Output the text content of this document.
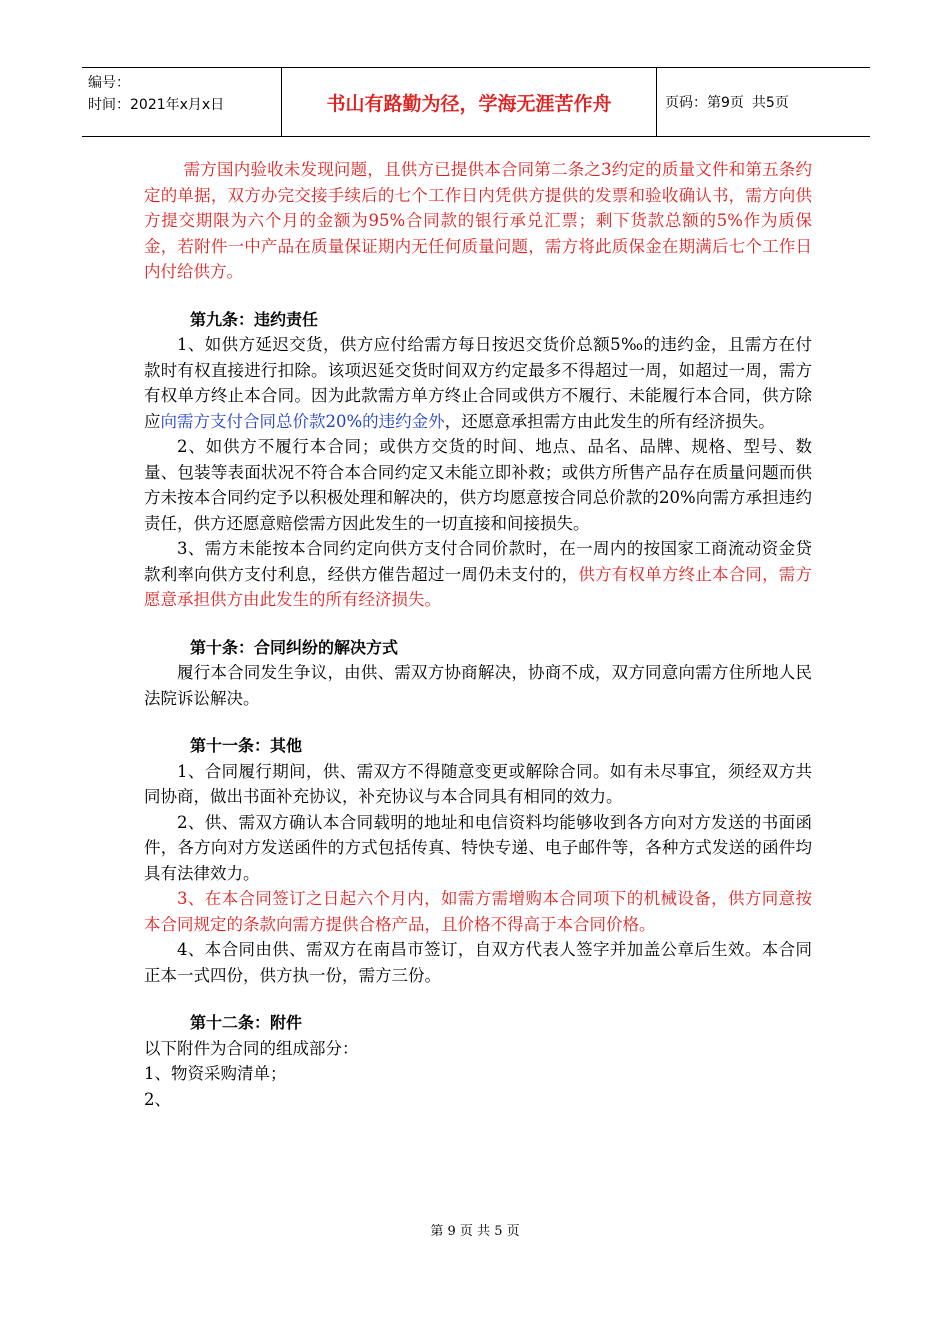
编号：
时间：2021年x月x日	书山有路勤为径，学海无涯苦作舟	页码：第9页 共5页

需方国内验收未发现问题，且供方已提供本合同第二条之3约定的质量文件和第五条约定的单据，双方办完交接手续后的七个工作日内凭供方提供的发票和验收确认书，需方向供方提交期限为六个月的金额为95%合同款的银行承兑汇票；剩下货款总额的5%作为质保金，若附件一中产品在质量保证期内无任何质量问题，需方将此质保金在期满后七个工作日内付给供方。

第九条：违约责任

1、如供方延迟交货，供方应付给需方每日按迟交货价总额5‰的违约金，且需方在付款时有权直接进行扣除。该项迟延交货时间双方约定最多不得超过一周，如超过一周，需方有权单方终止本合同。因为此款需方单方终止合同或供方不履行、未能履行本合同，供方除应向需方支付合同总价款20%的违约金外，还愿意承担需方由此发生的所有经济损失。

2、如供方不履行本合同；或供方交货的时间、地点、品名、品牌、规格、型号、数量、包装等表面状况不符合本合同约定又未能立即补救；或供方所售产品存在质量问题而供方未按本合同约定予以积极处理和解决的，供方均愿意按合同总价款的20%向需方承担违约责任，供方还愿意赔偿需方因此发生的一切直接和间接损失。

3、需方未能按本合同约定向供方支付合同价款时，在一周内的按国家工商流动资金贷款利率向供方支付利息，经供方催告超过一周仍未支付的，供方有权单方终止本合同，需方愿意承担供方由此发生的所有经济损失。

第十条：合同纠纷的解决方式

履行本合同发生争议，由供、需双方协商解决，协商不成，双方同意向需方住所地人民法院诉讼解决。

第十一条：其他

1、合同履行期间，供、需双方不得随意变更或解除合同。如有未尽事宜，须经双方共同协商，做出书面补充协议，补充协议与本合同具有相同的效力。

2、供、需双方确认本合同载明的地址和电信资料均能够收到各方向对方发送的书面函件，各方向对方发送函件的方式包括传真、特快专递、电子邮件等，各种方式发送的函件均具有法律效力。

3、在本合同签订之日起六个月内，如需方需增购本合同项下的机械设备，供方同意按本合同规定的条款向需方提供合格产品，且价格不得高于本合同价格。

4、本合同由供、需双方在南昌市签订，自双方代表人签字并加盖公章后生效。本合同正本一式四份，供方执一份，需方三份。

第十二条：附件

以下附件为合同的组成部分：

1、物资采购清单；

2、

第 9 页 共 5 页
